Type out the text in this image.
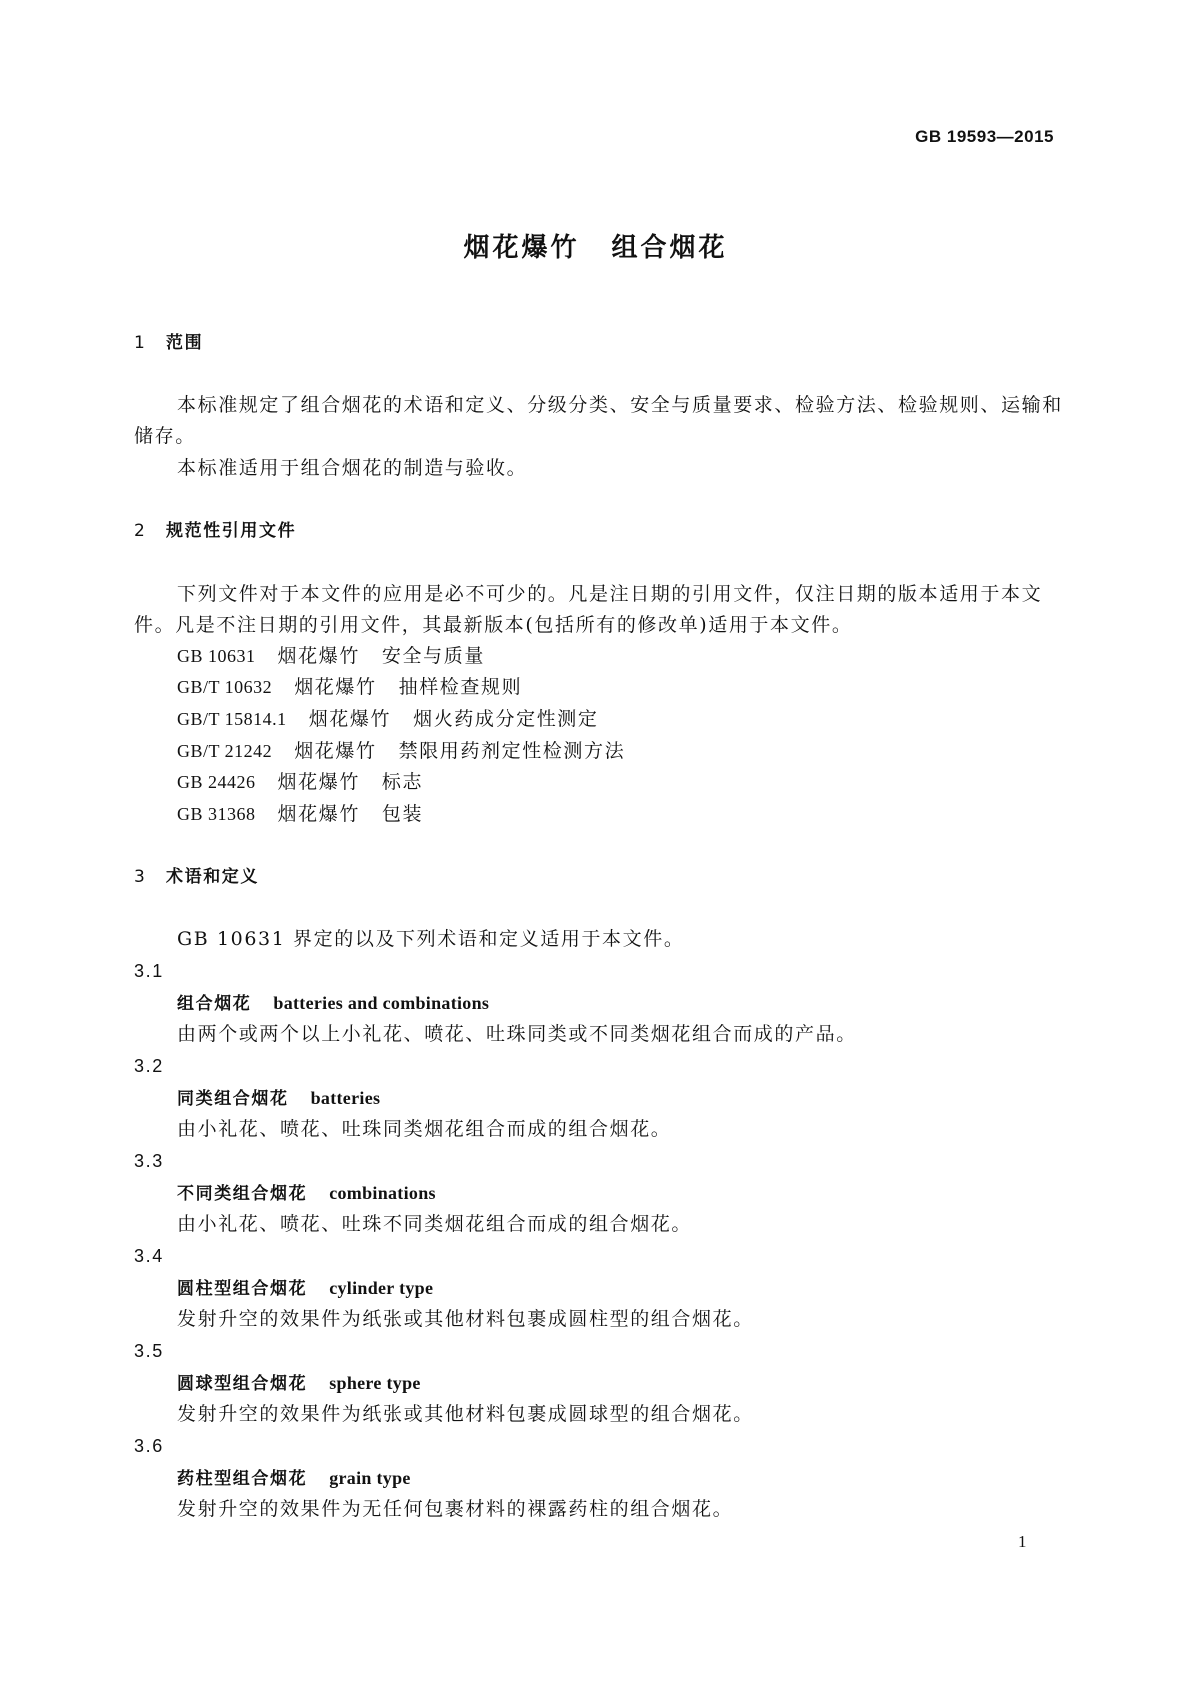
GB 19593—2015
烟花爆竹 组合烟花
1 范围
本标准规定了组合烟花的术语和定义、分级分类、安全与质量要求、检验方法、检验规则、运输和
储存。
本标准适用于组合烟花的制造与验收。
2 规范性引用文件
下列文件对于本文件的应用是必不可少的。凡是注日期的引用文件，仅注日期的版本适用于本文
件。凡是不注日期的引用文件，其最新版本(包括所有的修改单)适用于本文件。
GB 10631 烟花爆竹 安全与质量
GB/T 10632 烟花爆竹 抽样检查规则
GB/T 15814.1 烟花爆竹 烟火药成分定性测定
GB/T 21242 烟花爆竹 禁限用药剂定性检测方法
GB 24426 烟花爆竹 标志
GB 31368 烟花爆竹 包装
3 术语和定义
GB 10631 界定的以及下列术语和定义适用于本文件。
3.1
组合烟花 batteries and combinations
由两个或两个以上小礼花、喷花、吐珠同类或不同类烟花组合而成的产品。
3.2
同类组合烟花 batteries
由小礼花、喷花、吐珠同类烟花组合而成的组合烟花。
3.3
不同类组合烟花 combinations
由小礼花、喷花、吐珠不同类烟花组合而成的组合烟花。
3.4
圆柱型组合烟花 cylinder type
发射升空的效果件为纸张或其他材料包裹成圆柱型的组合烟花。
3.5
圆球型组合烟花 sphere type
发射升空的效果件为纸张或其他材料包裹成圆球型的组合烟花。
3.6
药柱型组合烟花 grain type
发射升空的效果件为无任何包裹材料的裸露药柱的组合烟花。
1
